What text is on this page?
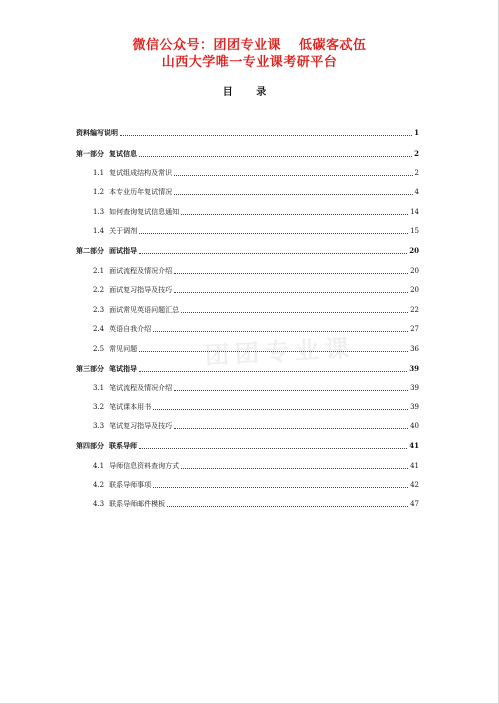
微信公众号：团团专业课 低碳客忒伍
山西大学唯一专业课考研平台
目 录
团团专业课
资料编写说明	1
第一部分 复试信息	2
1.1 复试组成结构及常识	2
1.2 本专业历年复试情况	4
1.3 如何查询复试信息通知	14
1.4 关于调剂	15
第二部分 面试指导	20
2.1 面试流程及情况介绍	20
2.2 面试复习指导及技巧	20
2.3 面试常见英语问题汇总	22
2.4 英语自我介绍	27
2.5 常见问题	36
第三部分 笔试指导	39
3.1 笔试流程及情况介绍	39
3.2 笔试课本用书	39
3.3 笔试复习指导及技巧	40
第四部分 联系导师	41
4.1 导师信息资料查询方式	41
4.2 联系导师事项	42
4.3 联系导师邮件模板	47
